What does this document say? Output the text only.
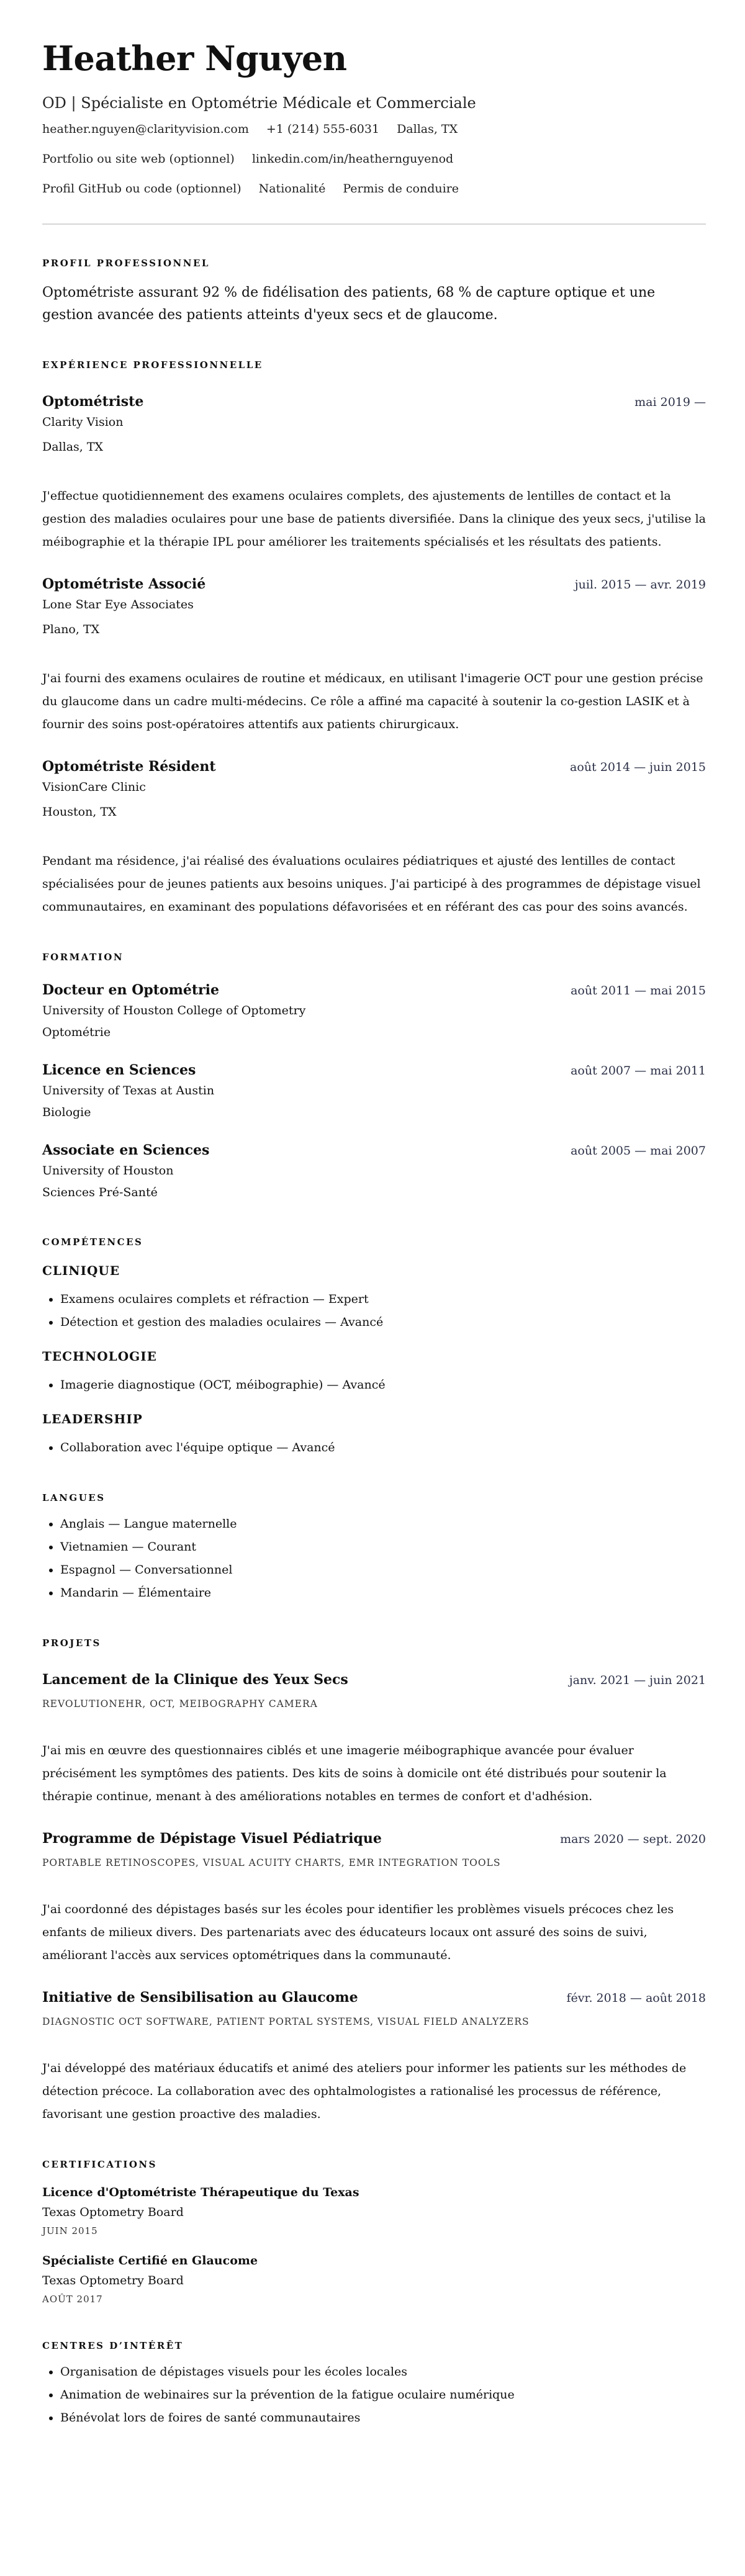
Heather Nguyen
OD | Spécialiste en Optométrie Médicale et Commerciale
heather.nguyen@clarityvision.com +1 (214) 555-6031 Dallas, TX
Portfolio ou site web (optionnel) linkedin.com/in/heathernguyenod
Profil GitHub ou code (optionnel) Nationalité Permis de conduire
PROFIL PROFESSIONNEL
Optométriste assurant 92 % de fidélisation des patients, 68 % de capture optique et une gestion avancée des patients atteints d'yeux secs et de glaucome.
EXPÉRIENCE PROFESSIONNELLE
Optométriste	mai 2019 —
Clarity Vision
Dallas, TX
J'effectue quotidiennement des examens oculaires complets, des ajustements de lentilles de contact et la gestion des maladies oculaires pour une base de patients diversifiée. Dans la clinique des yeux secs, j'utilise la méibographie et la thérapie IPL pour améliorer les traitements spécialisés et les résultats des patients.
Optométriste Associé	juil. 2015 — avr. 2019
Lone Star Eye Associates
Plano, TX
J'ai fourni des examens oculaires de routine et médicaux, en utilisant l'imagerie OCT pour une gestion précise du glaucome dans un cadre multi-médecins. Ce rôle a affiné ma capacité à soutenir la co-gestion LASIK et à fournir des soins post-opératoires attentifs aux patients chirurgicaux.
Optométriste Résident	août 2014 — juin 2015
VisionCare Clinic
Houston, TX
Pendant ma résidence, j'ai réalisé des évaluations oculaires pédiatriques et ajusté des lentilles de contact spécialisées pour de jeunes patients aux besoins uniques. J'ai participé à des programmes de dépistage visuel communautaires, en examinant des populations défavorisées et en référant des cas pour des soins avancés.
FORMATION
Docteur en Optométrie	août 2011 — mai 2015
University of Houston College of Optometry
Optométrie
Licence en Sciences	août 2007 — mai 2011
University of Texas at Austin
Biologie
Associate en Sciences	août 2005 — mai 2007
University of Houston
Sciences Pré-Santé
COMPÉTENCES
CLINIQUE
• Examens oculaires complets et réfraction — Expert
• Détection et gestion des maladies oculaires — Avancé
TECHNOLOGIE
• Imagerie diagnostique (OCT, méibographie) — Avancé
LEADERSHIP
• Collaboration avec l'équipe optique — Avancé
LANGUES
• Anglais — Langue maternelle
• Vietnamien — Courant
• Espagnol — Conversationnel
• Mandarin — Élémentaire
PROJETS
Lancement de la Clinique des Yeux Secs	janv. 2021 — juin 2021
REVOLUTIONEHR, OCT, MEIBOGRAPHY CAMERA
J'ai mis en œuvre des questionnaires ciblés et une imagerie méibographique avancée pour évaluer précisément les symptômes des patients. Des kits de soins à domicile ont été distribués pour soutenir la thérapie continue, menant à des améliorations notables en termes de confort et d'adhésion.
Programme de Dépistage Visuel Pédiatrique	mars 2020 — sept. 2020
PORTABLE RETINOSCOPES, VISUAL ACUITY CHARTS, EMR INTEGRATION TOOLS
J'ai coordonné des dépistages basés sur les écoles pour identifier les problèmes visuels précoces chez les enfants de milieux divers. Des partenariats avec des éducateurs locaux ont assuré des soins de suivi, améliorant l'accès aux services optométriques dans la communauté.
Initiative de Sensibilisation au Glaucome	févr. 2018 — août 2018
DIAGNOSTIC OCT SOFTWARE, PATIENT PORTAL SYSTEMS, VISUAL FIELD ANALYZERS
J'ai développé des matériaux éducatifs et animé des ateliers pour informer les patients sur les méthodes de détection précoce. La collaboration avec des ophtalmologistes a rationalisé les processus de référence, favorisant une gestion proactive des maladies.
CERTIFICATIONS
Licence d'Optométriste Thérapeutique du Texas
Texas Optometry Board
JUIN 2015
Spécialiste Certifié en Glaucome
Texas Optometry Board
AOÛT 2017
CENTRES D’INTÉRÊT
• Organisation de dépistages visuels pour les écoles locales
• Animation de webinaires sur la prévention de la fatigue oculaire numérique
• Bénévolat lors de foires de santé communautaires
